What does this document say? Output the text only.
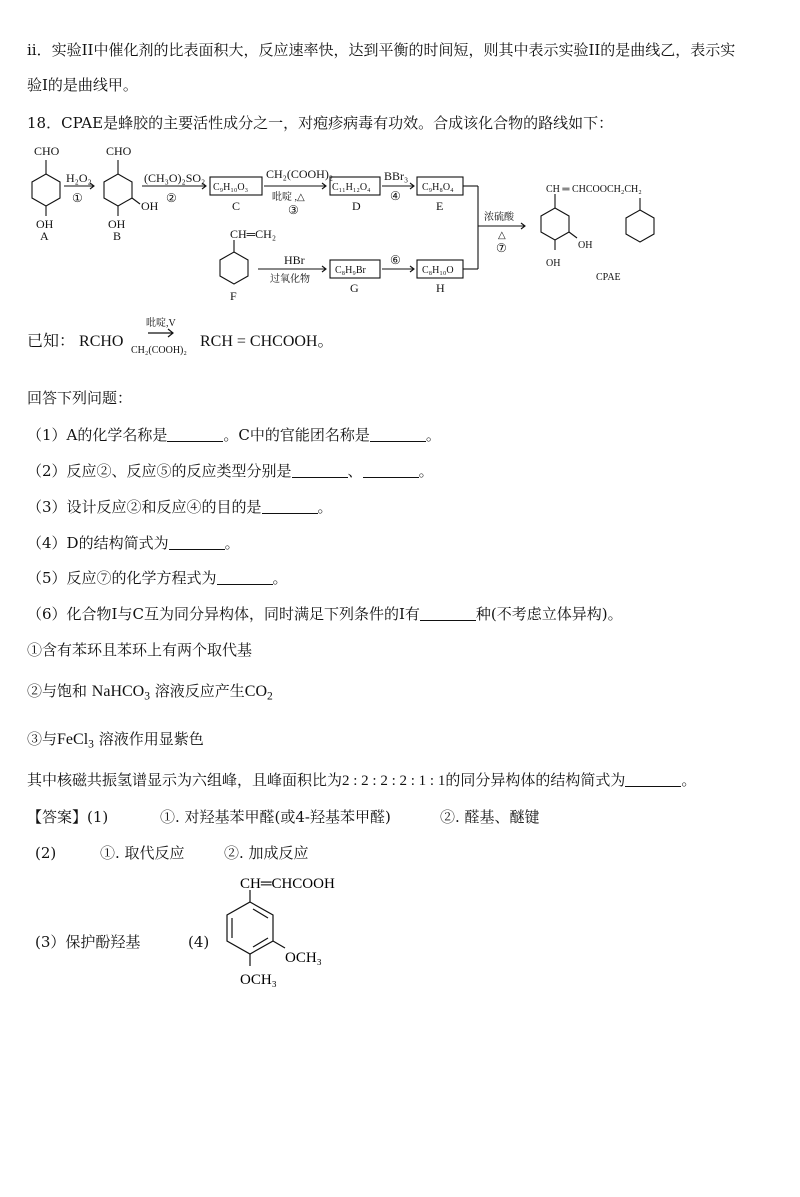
ii．实验II中催化剂的比表面积大，反应速率快，达到平衡的时间短，则其中表示实验II的是曲线乙，表示实
验I的是曲线甲。
18．CPAE是蜂胶的主要活性成分之一，对疱疹病毒有功效。合成该化合物的路线如下：
CHO
OH
A
H₂O₂
①
CHO
OH
OH
B
(CH₃O)₂SO₂
②
C₉H₁₀O₃
C
CH₂(COOH)₂
吡啶 ,△
③
C₁₁H₁₂O₄
D
BBr₃
④
C₉H₈O₄
E
浓硫酸
△
⑦
CH═CH₂
F
HBr
过氧化物
C₈H₉Br
G
⑥
C₈H₁₀O
H
CH ═ CHCOOCH₂CH₂
OH
OH
CPAE
已知： RCHO
吡啶,V
CH₂(COOH)₂
RCH = CHCOOH。
回答下列问题：
（1）A的化学名称是	。C中的官能团名称是	。
（2）反应②、反应⑤的反应类型分别是	、	。
（3）设计反应②和反应④的目的是	。
（4）D的结构简式为	。
（5）反应⑦的化学方程式为	。
（6）化合物I与C互为同分异构体，同时满足下列条件的I有	种(不考虑立体异构)。
①含有苯环且苯环上有两个取代基
②与饱和 NaHCO$_3$ 溶液反应产生$CO_2$
③与FeCl$_3$ 溶液作用显紫色
其中核磁共振氢谱显示为六组峰，且峰面积比为2 : 2 : 2 : 2 : 1 : 1的同分异构体的结构简式为	。
【答案】(1)	①. 对羟基苯甲醛(或4-羟基苯甲醛)	②. 醛基、醚键
(2)	①. 取代反应	②. 加成反应
(3）保护酚羟基	(4)
CH═CHCOOH
OCH₃
OCH₃
